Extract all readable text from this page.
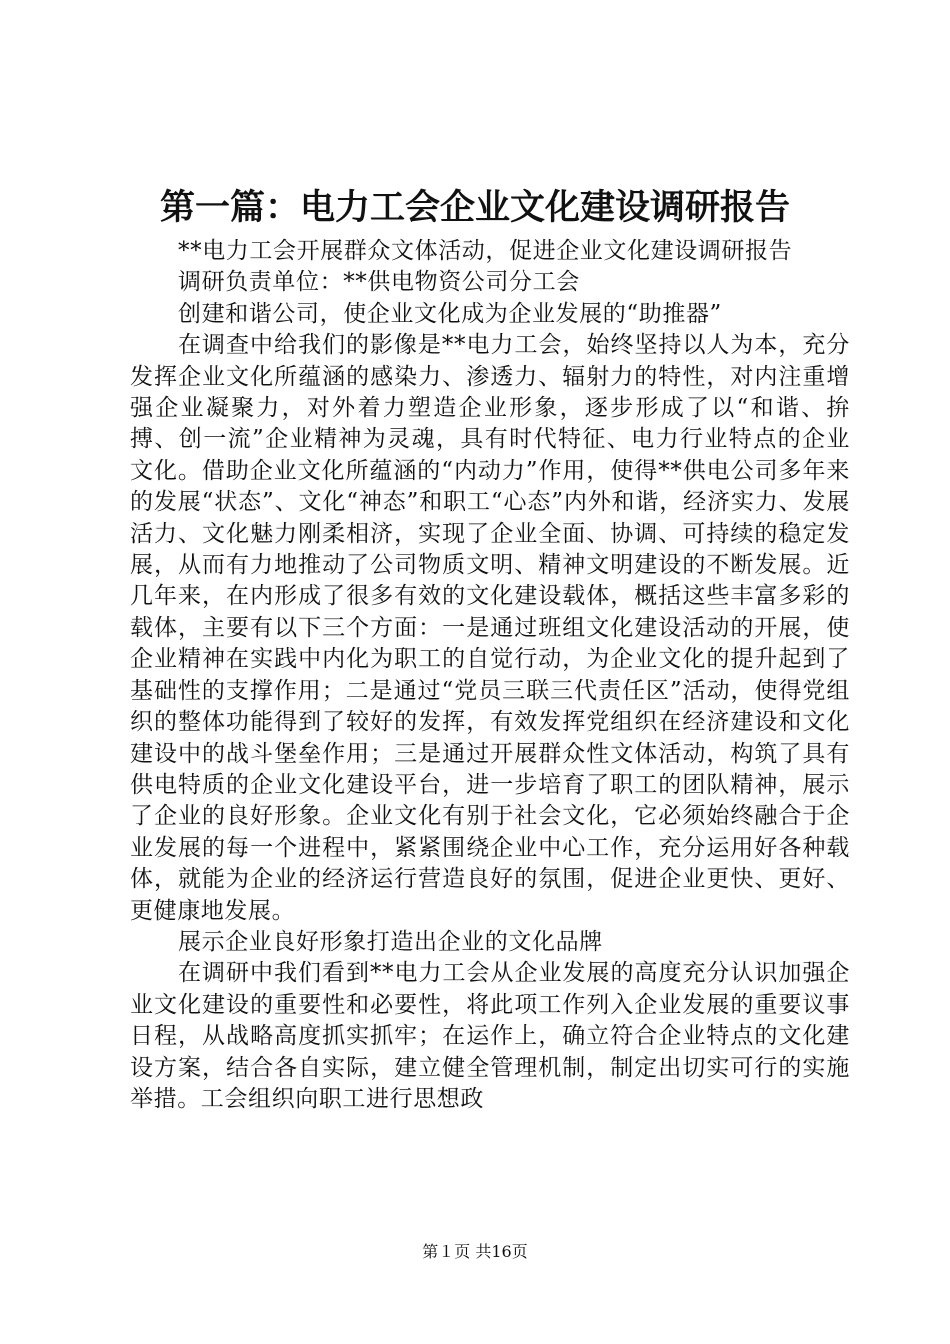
第一篇：电力工会企业文化建设调研报告

**电力工会开展群众文体活动，促进企业文化建设调研报告

调研负责单位：**供电物资公司分工会

创建和谐公司，使企业文化成为企业发展的“助推器”

在调查中给我们的影像是**电力工会，始终坚持以人为本，充分发挥企业文化所蕴涵的感染力、渗透力、辐射力的特性，对内注重增强企业凝聚力，对外着力塑造企业形象，逐步形成了以“和谐、拚搏、创一流”企业精神为灵魂，具有时代特征、电力行业特点的企业文化。借助企业文化所蕴涵的“内动力”作用，使得**供电公司多年来的发展“状态”、文化“神态”和职工“心态”内外和谐，经济实力、发展活力、文化魅力刚柔相济，实现了企业全面、协调、可持续的稳定发展，从而有力地推动了公司物质文明、精神文明建设的不断发展。近几年来，在内形成了很多有效的文化建设载体，概括这些丰富多彩的载体，主要有以下三个方面：一是通过班组文化建设活动的开展，使企业精神在实践中内化为职工的自觉行动，为企业文化的提升起到了基础性的支撑作用；二是通过“党员三联三代责任区”活动，使得党组织的整体功能得到了较好的发挥，有效发挥党组织在经济建设和文化建设中的战斗堡垒作用；三是通过开展群众性文体活动，构筑了具有供电特质的企业文化建设平台，进一步培育了职工的团队精神，展示了企业的良好形象。企业文化有别于社会文化，它必须始终融合于企业发展的每一个进程中，紧紧围绕企业中心工作，充分运用好各种载体，就能为企业的经济运行营造良好的氛围，促进企业更快、更好、更健康地发展。

展示企业良好形象打造出企业的文化品牌

在调研中我们看到**电力工会从企业发展的高度充分认识加强企业文化建设的重要性和必要性，将此项工作列入企业发展的重要议事日程，从战略高度抓实抓牢；在运作上，确立符合企业特点的文化建设方案，结合各自实际，建立健全管理机制，制定出切实可行的实施举措。工会组织向职工进行思想政

第１页 共16页
